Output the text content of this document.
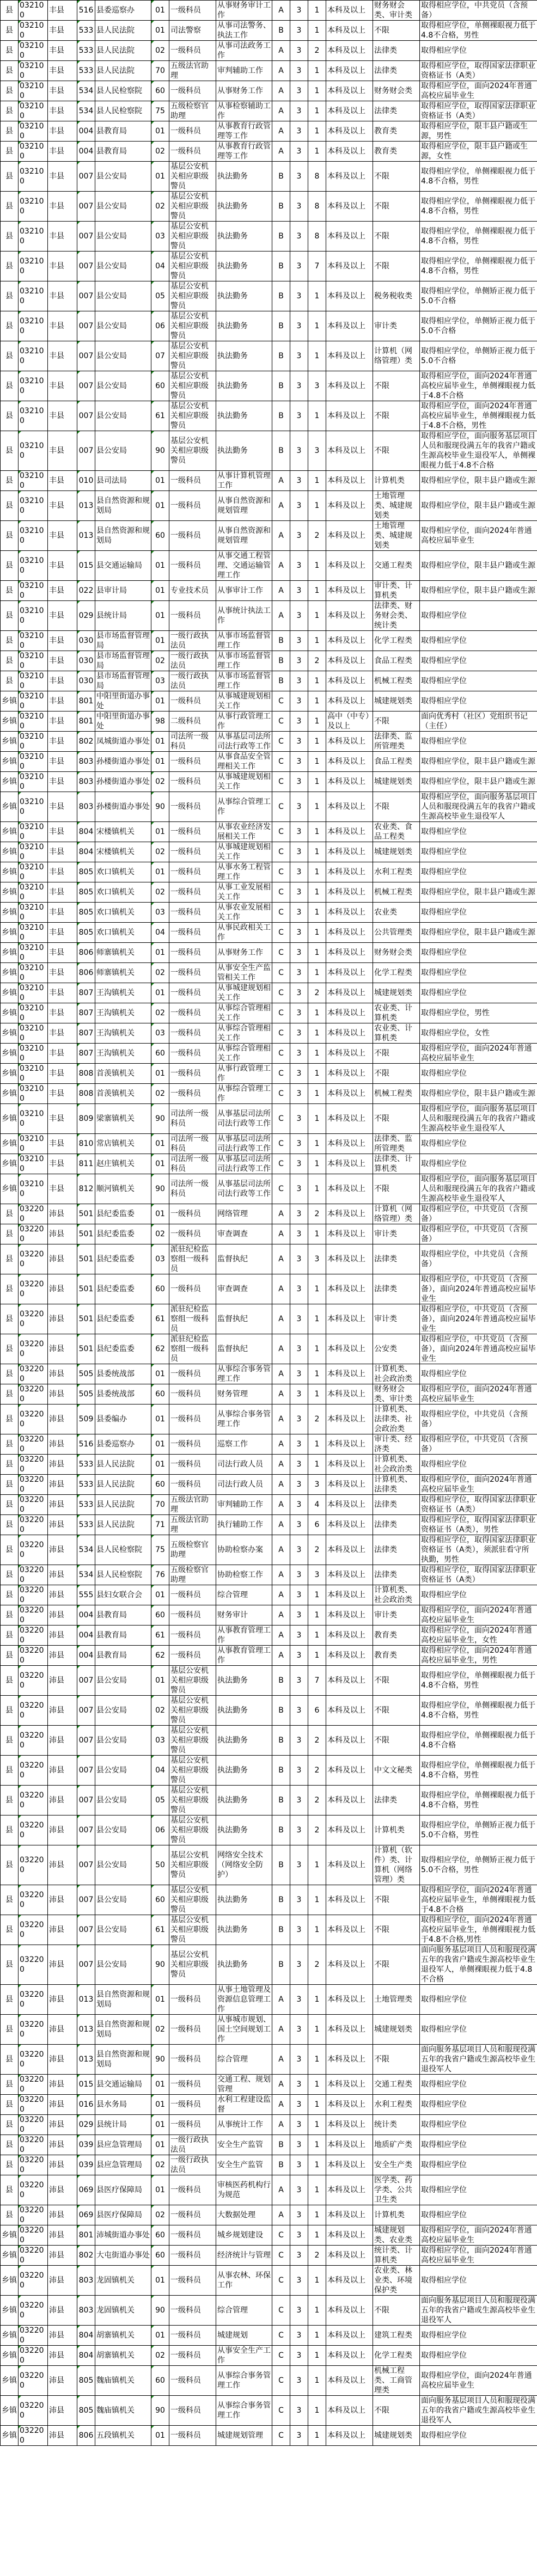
县	032100	丰县	516	县委巡察办	01	一级科员	从事财务审计工作	A	3	1	本科及以上	财务财会类、审计类	取得相应学位，中共党员（含预备）
县	032100	丰县	533	县人民法院	01	司法警察	从事司法警务、执法工作	B	3	1	本科及以上	不限	取得相应学位，单侧裸眼视力低于4.8不合格，男性
县	032100	丰县	533	县人民法院	02	一级科员	从事司法政务工作	A	3	2	本科及以上	法律类	取得相应学位
县	032100	丰县	533	县人民法院	70	五级法官助理	审判辅助工作	A	3	1	本科及以上	法律类	取得相应学位，取得国家法律职业资格证书（A类）
县	032100	丰县	534	县人民检察院	60	一级科员	从事财务工作	A	3	1	本科及以上	财务财会类	取得相应学位，面向2024年普通高校应届毕业生
县	032100	丰县	534	县人民检察院	75	五级检察官助理	从事检察辅助工作	A	3	1	本科及以上	法律类	取得相应学位，取得国家法律职业资格证书（A类）
县	032100	丰县	004	县教育局	01	一级科员	从事教育行政管理等工作	A	3	1	本科及以上	教育类	取得相应学位，限丰县户籍或生源，男性
县	032100	丰县	004	县教育局	02	一级科员	从事教育行政管理等工作	A	3	1	本科及以上	教育类	取得相应学位，限丰县户籍或生源，女性
县	032100	丰县	007	县公安局	01	基层公安机关相应职级警员	执法勤务	B	3	8	本科及以上	不限	取得相应学位，单侧裸眼视力低于4.8不合格，男性
县	032100	丰县	007	县公安局	02	基层公安机关相应职级警员	执法勤务	B	3	8	本科及以上	不限	取得相应学位，单侧裸眼视力低于4.8不合格，男性
县	032100	丰县	007	县公安局	03	基层公安机关相应职级警员	执法勤务	B	3	8	本科及以上	不限	取得相应学位，单侧裸眼视力低于4.8不合格，男性
县	032100	丰县	007	县公安局	04	基层公安机关相应职级警员	执法勤务	B	3	7	本科及以上	不限	取得相应学位，单侧裸眼视力低于4.8不合格，男性
县	032100	丰县	007	县公安局	05	基层公安机关相应职级警员	执法勤务	B	3	1	本科及以上	税务税收类	取得相应学位，单侧矫正视力低于5.0不合格
县	032100	丰县	007	县公安局	06	基层公安机关相应职级警员	执法勤务	B	3	1	本科及以上	审计类	取得相应学位，单侧矫正视力低于5.0不合格
县	032100	丰县	007	县公安局	07	基层公安机关相应职级警员	执法勤务	B	3	1	本科及以上	计算机（网络管理）类	取得相应学位，单侧矫正视力低于5.0不合格
县	032100	丰县	007	县公安局	60	基层公安机关相应职级警员	执法勤务	B	3	3	本科及以上	不限	取得相应学位，面向2024年普通高校应届毕业生，单侧裸眼视力低于4.8不合格
县	032100	丰县	007	县公安局	61	基层公安机关相应职级警员	执法勤务	B	3	1	本科及以上	不限	取得相应学位，面向2024年普通高校应届毕业生，单侧裸眼视力低于4.8不合格，男性
县	032100	丰县	007	县公安局	90	基层公安机关相应职级警员	执法勤务	B	3	3	本科及以上	不限	取得相应学位，面向服务基层项目人员和服现役满五年的我省户籍或生源高校毕业生退役军人，单侧裸眼视力低于4.8不合格
县	032100	丰县	010	县司法局	01	一级科员	从事计算机管理工作	A	3	1	本科及以上	计算机类	取得相应学位，限丰县户籍或生源
县	032100	丰县	013	县自然资源和规划局	01	一级科员	从事自然资源和规划管理	A	3	1	本科及以上	土地管理类、城建规划类	取得相应学位，限丰县户籍或生源
县	032100	丰县	013	县自然资源和规划局	60	一级科员	从事自然资源和规划管理	A	3	2	本科及以上	土地管理类、城建规划类	取得相应学位，面向2024年普通高校应届毕业生
县	032100	丰县	015	县交通运输局	01	一级科员	从事交通工程管理、交通运输管理工作	A	3	1	本科及以上	交通工程类	取得相应学位，限丰县户籍或生源
县	032100	丰县	022	县审计局	01	专业技术员	从事审计工作	A	3	1	本科及以上	审计类、计算机类	取得相应学位，限丰县户籍或生源
县	032100	丰县	029	县统计局	01	一级科员	从事统计执法工作	A	3	1	本科及以上	法律类、财务财会类、统计类	取得相应学位
县	032100	丰县	030	县市场监督管理局	01	一级行政执法员	从事市场监督管理工作	B	3	1	本科及以上	化学工程类	取得相应学位
县	032100	丰县	030	县市场监督管理局	02	一级行政执法员	从事市场监督管理工作	B	3	2	本科及以上	食品工程类	取得相应学位
县	032100	丰县	030	县市场监督管理局	03	一级行政执法员	从事市场监督管理工作	B	3	1	本科及以上	机械工程类	取得相应学位
乡镇	032100	丰县	801	中阳里街道办事处	01	一级科员	从事城建规划相关工作	C	3	1	本科及以上	城建规划类	取得相应学位
乡镇	032100	丰县	801	中阳里街道办事处	98	二级科员	从事行政管理工作	C	3	1	高中（中专）及以上	不限	面向优秀村（社区）党组织书记（主任）
乡镇	032100	丰县	802	凤城街道办事处	01	司法所一级科员	从事基层司法所司法行政等工作	C	3	1	本科及以上	法律类、监所管理类	取得相应学位
乡镇	032100	丰县	803	孙楼街道办事处	01	一级科员	从事食品安全管理相关工作	C	3	1	本科及以上	食品工程类	取得相应学位，限丰县户籍或生源
乡镇	032100	丰县	803	孙楼街道办事处	02	一级科员	从事城建规划相关工作	C	3	1	本科及以上	城建规划类	取得相应学位，限丰县户籍或生源
乡镇	032100	丰县	803	孙楼街道办事处	90	一级科员	从事综合管理工作	C	3	1	本科及以上	不限	取得相应学位，面向服务基层项目人员和服现役满五年的我省户籍或生源高校毕业生退役军人
乡镇	032100	丰县	804	宋楼镇机关	01	一级科员	从事农业经济发展相关工作	C	3	1	本科及以上	农业类、食品工程类	取得相应学位
乡镇	032100	丰县	804	宋楼镇机关	02	一级科员	从事城建规划相关工作	C	3	1	本科及以上	城建规划类	取得相应学位
乡镇	032100	丰县	805	欢口镇机关	01	一级科员	从事水务工程管理工作	C	3	1	本科及以上	水利工程类	取得相应学位
乡镇	032100	丰县	805	欢口镇机关	02	一级科员	从事工业发展相关工作	C	3	1	本科及以上	机械工程类	取得相应学位，限丰县户籍或生源
乡镇	032100	丰县	805	欢口镇机关	03	一级科员	从事农业发展相关工作	C	3	1	本科及以上	农业类	取得相应学位
乡镇	032100	丰县	805	欢口镇机关	04	一级科员	从事民政相关工作	C	3	1	本科及以上	公共管理类	取得相应学位，限丰县户籍或生源
乡镇	032100	丰县	806	师寨镇机关	01	一级科员	从事财务工作	C	3	1	本科及以上	财务财会类	取得相应学位
乡镇	032100	丰县	806	师寨镇机关	02	一级科员	从事安全生产监管相关工作	C	3	1	本科及以上	化学工程类	取得相应学位
乡镇	032100	丰县	807	王沟镇机关	01	一级科员	从事城建规划相关工作	C	3	2	本科及以上	城建规划类	取得相应学位
乡镇	032100	丰县	807	王沟镇机关	02	一级科员	从事综合管理相关工作	C	3	1	本科及以上	农业类、计算机类	取得相应学位，男性
乡镇	032100	丰县	807	王沟镇机关	03	一级科员	从事综合管理相关工作	C	3	1	本科及以上	农业类、计算机类	取得相应学位，女性
乡镇	032100	丰县	807	王沟镇机关	60	一级科员	从事综合管理相关工作	C	3	1	本科及以上	不限	取得相应学位，面向2024年普通高校应届毕业生
乡镇	032100	丰县	808	首羡镇机关	01	一级科员	从事行政管理工作	C	3	1	本科及以上	不限	取得相应学位
乡镇	032100	丰县	808	首羡镇机关	02	一级科员	从事综合管理工作	C	3	1	本科及以上	机械工程类	取得相应学位，限丰县户籍或生源
乡镇	032100	丰县	809	梁寨镇机关	90	司法所一级科员	从事基层司法所司法行政等工作	C	3	1	本科及以上	不限	取得相应学位，面向服务基层项目人员和服现役满五年的我省户籍或生源高校毕业生退役军人
乡镇	032100	丰县	810	常店镇机关	01	司法所一级科员	从事基层司法所司法行政等工作	C	3	1	本科及以上	法律类、监所管理类	取得相应学位
乡镇	032100	丰县	811	赵庄镇机关	01	司法所一级科员	从事基层司法所司法行政等工作	C	3	1	本科及以上	法律类、计算机类	取得相应学位
乡镇	032100	丰县	812	顺河镇机关	90	司法所一级科员	从事基层司法所司法行政等工作	C	3	1	本科及以上	不限	取得相应学位，面向服务基层项目人员和服现役满五年的我省户籍或生源高校毕业生退役军人
县	032200	沛县	501	县纪委监委	01	一级科员	网络管理	A	3	2	本科及以上	计算机（网络管理）类	取得相应学位，中共党员（含预备）
县	032200	沛县	501	县纪委监委	02	一级科员	审查调查	A	3	1	本科及以上	审计类	取得相应学位，中共党员（含预备）
县	032200	沛县	501	县纪委监委	03	派驻纪检监察组一级科员	监督执纪	A	3	3	本科及以上	法律类	取得相应学位，中共党员（含预备）
县	032200	沛县	501	县纪委监委	60	一级科员	审查调查	A	3	1	本科及以上	法律类	取得相应学位，中共党员（含预备），面向2024年普通高校应届毕业生
县	032200	沛县	501	县纪委监委	61	派驻纪检监察组一级科员	监督执纪	A	3	1	本科及以上	审计类	取得相应学位，中共党员（含预备），面向2024年普通高校应届毕业生
县	032200	沛县	501	县纪委监委	62	派驻纪检监察组一级科员	监督执纪	A	3	1	本科及以上	公安类	取得相应学位，中共党员（含预备），面向2024年普通高校应届毕业生
县	032200	沛县	505	县委统战部	01	一级科员	从事综合事务管理工作	A	3	1	本科及以上	计算机类、社会政治类	取得相应学位
县	032200	沛县	505	县委统战部	60	一级科员	财务管理	A	3	1	本科及以上	财务财会类、审计类	取得相应学位，面向2024年普通高校应届毕业生
县	032200	沛县	509	县委编办	01	一级科员	从事综合事务管理工作	A	3	2	本科及以上	计算机类、法律类、社会政治类	取得相应学位，中共党员（含预备）
县	032200	沛县	516	县委巡察办	01	一级科员	巡察工作	A	3	1	本科及以上	审计类、经济类	取得相应学位，中共党员（含预备）
县	032200	沛县	533	县人民法院	01	一级科员	司法行政人员	A	3	1	本科及以上	计算机类、社会政治类	取得相应学位
县	032200	沛县	533	县人民法院	60	一级科员	司法行政人员	A	3	3	本科及以上	计算机类、法律类	取得相应学位，面向2024年普通高校应届毕业生
县	032200	沛县	533	县人民法院	70	五级法官助理	审判辅助工作	A	3	4	本科及以上	法律类	取得相应学位，取得国家法律职业资格证书（A类）
县	032200	沛县	533	县人民法院	71	五级法官助理	执行辅助工作	A	3	6	本科及以上	法律类	取得相应学位，取得国家法律职业资格证书（A类），男性
县	032200	沛县	534	县人民检察院	75	五级检察官助理	协助检察办案	A	3	2	本科及以上	法律类	取得相应学位，取得国家法律职业资格证书（A类），须派驻看守所执勤，男性
县	032200	沛县	534	县人民检察院	76	五级检察官助理	协助检察工作	A	3	3	本科及以上	法律类	取得相应学位，取得国家法律职业资格证书（A类）
县	032200	沛县	555	县妇女联合会	01	一级科员	综合管理	A	3	1	本科及以上	计算机类、社会政治类	取得相应学位
县	032200	沛县	004	县教育局	60	一级科员	财务审计	A	3	1	本科及以上	审计类	取得相应学位，面向2024年普通高校应届毕业生
县	032200	沛县	004	县教育局	61	一级科员	从事教育管理工作	A	3	1	本科及以上	教育类	取得相应学位，面向2024年普通高校应届毕业生，女性
县	032200	沛县	004	县教育局	62	一级科员	从事教育管理工作	A	3	1	本科及以上	教育类	取得相应学位，面向2024年普通高校应届毕业生，男性
县	032200	沛县	007	县公安局	01	基层公安机关相应职级警员	执法勤务	B	3	7	本科及以上	不限	取得相应学位，单侧裸眼视力低于4.8不合格，男性
县	032200	沛县	007	县公安局	02	基层公安机关相应职级警员	执法勤务	B	3	6	本科及以上	不限	取得相应学位，单侧裸眼视力低于4.8不合格，男性
县	032200	沛县	007	县公安局	03	基层公安机关相应职级警员	执法勤务	B	3	2	本科及以上	不限	取得相应学位，单侧裸眼视力低于4.8不合格
县	032200	沛县	007	县公安局	04	基层公安机关相应职级警员	执法勤务	B	3	2	本科及以上	中文文秘类	取得相应学位，单侧裸眼视力低于4.8不合格，男性
县	032200	沛县	007	县公安局	05	基层公安机关相应职级警员	执法勤务	B	3	2	本科及以上	法律类	取得相应学位，单侧裸眼视力低于4.8不合格，男性
县	032200	沛县	007	县公安局	06	基层公安机关相应职级警员	执法勤务	B	3	2	本科及以上	计算机类	取得相应学位，单侧矫正视力低于5.0不合格，男性
县	032200	沛县	007	县公安局	50	基层公安机关相应职级警员	网络安全技术（网络安全防护）	B	3	1	本科及以上	计算机（软件）类、计算机（网络管理）类	取得相应学位，单侧矫正视力低于5.0不合格，男性
县	032200	沛县	007	县公安局	60	基层公安机关相应职级警员	执法勤务	B	3	1	本科及以上	不限	取得相应学位，面向2024年普通高校应届毕业生，单侧裸眼视力低于4.8不合格
县	032200	沛县	007	县公安局	61	基层公安机关相应职级警员	执法勤务	B	3	1	本科及以上	不限	取得相应学位，面向2024年普通高校应届毕业生，单侧裸眼视力低于4.8不合格,男性
县	032200	沛县	007	县公安局	90	基层公安机关相应职级警员	执法勤务	B	3	2	本科及以上	不限	面向服务基层项目人员和服现役满五年的我省户籍或生源高校毕业生退役军人，单侧裸眼视力低于4.8不合格
县	032200	沛县	013	县自然资源和规划局	01	一级科员	从事土地管理及资源信息管理工作	A	3	1	本科及以上	土地管理类	取得相应学位
县	032200	沛县	013	县自然资源和规划局	02	一级科员	从事城市规划、国土空间规划工作	A	3	1	本科及以上	城建规划类	取得相应学位
县	032200	沛县	013	县自然资源和规划局	90	一级科员	综合管理	A	3	1	本科及以上	不限	面向服务基层项目人员和服现役满五年的我省户籍或生源高校毕业生退役军人
县	032200	沛县	015	县交通运输局	01	一级科员	交通工程、规划管理	A	3	1	本科及以上	交通工程类	取得相应学位
县	032200	沛县	016	县水务局	01	一级科员	水利工程建设监督	A	3	1	本科及以上	水利工程类	取得相应学位
县	032200	沛县	029	县统计局	01	一级科员	从事统计工作	A	3	1	本科及以上	统计类	取得相应学位
县	032200	沛县	039	县应急管理局	01	一级行政执法员	安全生产监管	B	3	1	本科及以上	地质矿产类	取得相应学位
县	032200	沛县	039	县应急管理局	02	一级行政执法员	安全生产监管	B	3	1	本科及以上	安全生产类	取得相应学位
县	032200	沛县	069	县医疗保障局	01	一级科员	审核医药机构行为规范	A	3	1	本科及以上	医学类、药学类、公共卫生类	取得相应学位
县	032200	沛县	069	县医疗保障局	02	一级科员	大数据处理	A	3	1	本科及以上	计算机类	取得相应学位
乡镇	032200	沛县	801	沛城街道办事处	60	一级科员	城乡规划建设	C	3	1	本科及以上	城建规划类、农业类	取得相应学位，面向2024年普通高校应届毕业生
乡镇	032200	沛县	802	大屯街道办事处	60	一级科员	经济统计与管理	C	3	2	本科及以上	统计类、计算机类	取得相应学位，面向2024年普通高校应届毕业生
乡镇	032200	沛县	803	龙固镇机关	01	一级科员	从事农林、环保工作	C	3	1	本科及以上	农业类、林业类、环境保护类	取得相应学位
乡镇	032200	沛县	803	龙固镇机关	90	一级科员	综合管理	C	3	1	本科及以上	不限	面向服务基层项目人员和服现役满五年的我省户籍或生源高校毕业生退役军人
乡镇	032200	沛县	804	胡寨镇机关	01	一级科员	城建规划	C	3	1	本科及以上	建筑工程类	取得相应学位
乡镇	032200	沛县	804	胡寨镇机关	02	一级科员	从事安全生产工作	C	3	1	本科及以上	化学工程类	取得相应学位
乡镇	032200	沛县	805	魏庙镇机关	60	一级科员	从事综合事务管理工作	C	3	1	本科及以上	机械工程类、工商管理类	取得相应学位，面向2024年普通高校应届毕业生
乡镇	032200	沛县	805	魏庙镇机关	90	一级科员	从事综合事务管理工作	C	3	1	本科及以上	不限	面向服务基层项目人员和服现役满五年的我省户籍或生源高校毕业生退役军人
乡镇	032200	沛县	806	五段镇机关	01	一级科员	城建规划管理	C	3	1	本科及以上	城建规划类	取得相应学位
